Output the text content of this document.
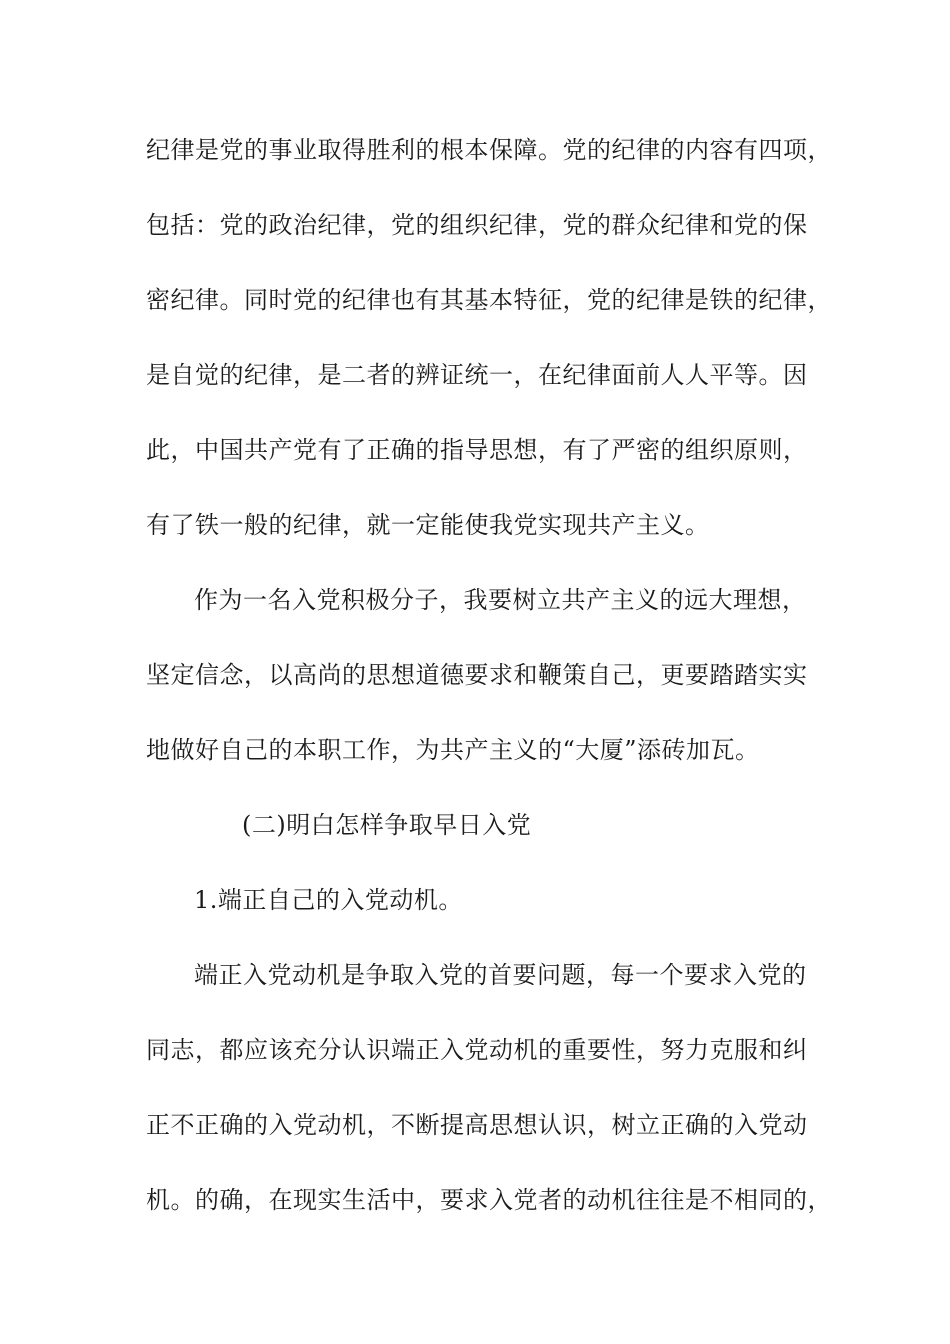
纪律是党的事业取得胜利的根本保障。党的纪律的内容有四项，
包括：党的政治纪律，党的组织纪律，党的群众纪律和党的保
密纪律。同时党的纪律也有其基本特征，党的纪律是铁的纪律，
是自觉的纪律，是二者的辨证统一，在纪律面前人人平等。因
此，中国共产党有了正确的指导思想，有了严密的组织原则，
有了铁一般的纪律，就一定能使我党实现共产主义。
作为一名入党积极分子，我要树立共产主义的远大理想，
坚定信念，以高尚的思想道德要求和鞭策自己，更要踏踏实实
地做好自己的本职工作，为共产主义的“大厦”添砖加瓦。
(二)明白怎样争取早日入党
1.端正自己的入党动机。
端正入党动机是争取入党的首要问题，每一个要求入党的
同志，都应该充分认识端正入党动机的重要性，努力克服和纠
正不正确的入党动机，不断提高思想认识，树立正确的入党动
机。的确，在现实生活中，要求入党者的动机往往是不相同的，
